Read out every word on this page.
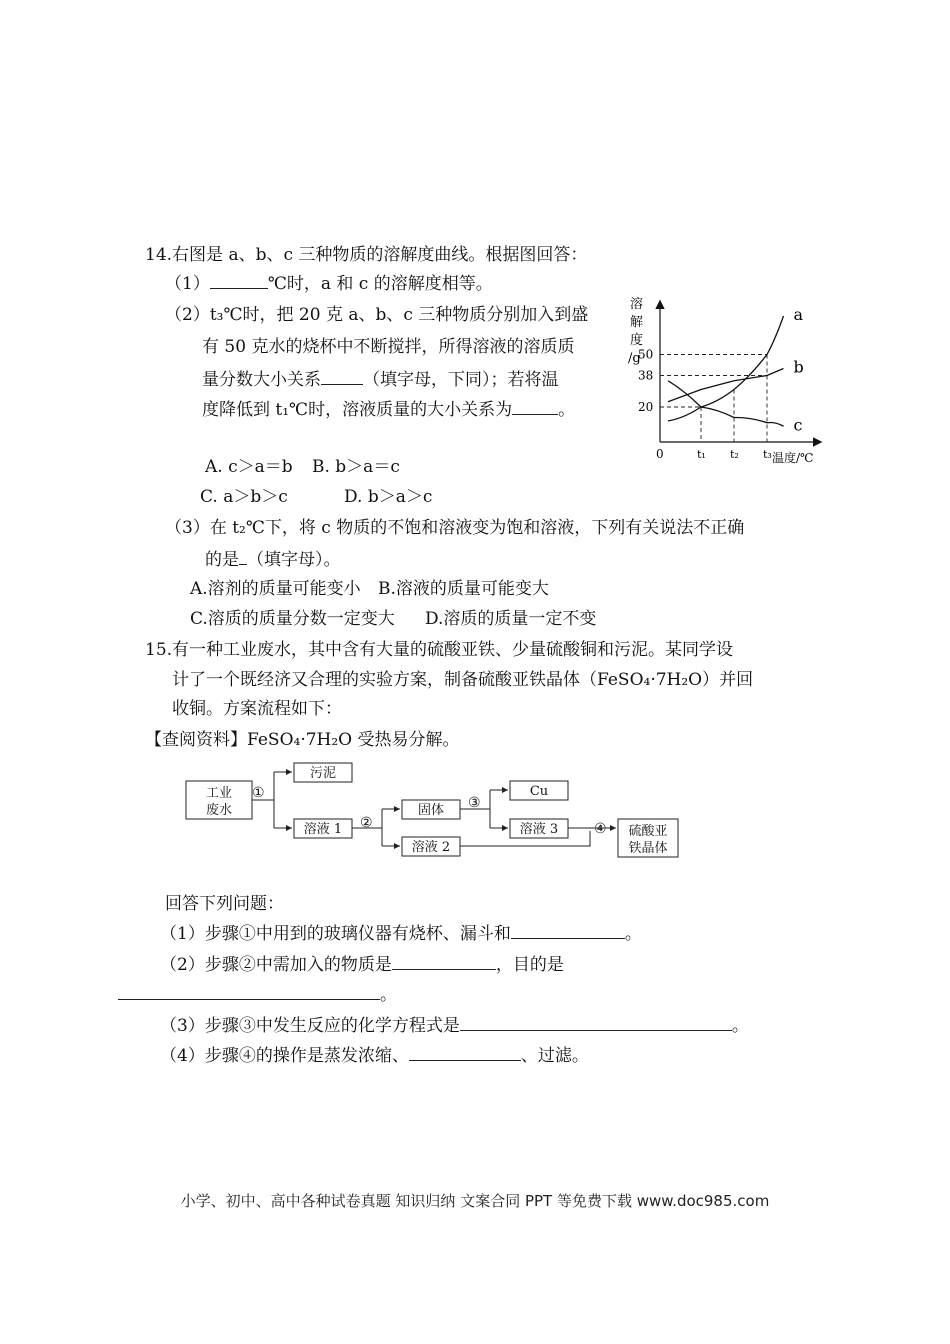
14.右图是 a、b、c 三种物质的溶解度曲线。根据图回答：
（1）	℃时，a 和 c 的溶解度相等。
（2）t₃℃时，把 20 克 a、b、c 三种物质分别加入到盛
有 50 克水的烧杯中不断搅拌，所得溶液的溶质质
量分数大小关系 （填字母，下同）；若将温
度降低到 t₁℃时，溶液质量的大小关系为	。
A. c＞a＝b B. b＞a＝c
C. a＞b＞c	D. b＞a＞c
（3）在 t₂℃下，将 c 物质的不饱和溶液变为饱和溶液，下列有关说法不正确
的是 （填字母）。
A.溶剂的质量可能变小 B.溶液的质量可能变大
C.溶质的质量分数一定变大 D.溶质的质量一定不变
溶
解
度
/g
0	温度/℃
20
38
50
t₁ t₂ t₃
a
b
c
15.有一种工业废水，其中含有大量的硫酸亚铁、少量硫酸铜和污泥。某同学设
计了一个既经济又合理的实验方案，制备硫酸亚铁晶体（FeSO₄·7H₂O）并回
收铜。方案流程如下：
【查阅资料】FeSO₄·7H₂O 受热易分解。
工业
废水
污泥
溶液 1
固体
溶液 2
Cu
溶液 3	硫酸亚
铁晶体
①
②
③
④
回答下列问题：
（1）步骤①中用到的玻璃仪器有烧杯、漏斗和	。
（2）步骤②中需加入的物质是	，目的是
。
（3）步骤③中发生反应的化学方程式是	。
（4）步骤④的操作是蒸发浓缩、	、过滤。
小学、初中、高中各种试卷真题 知识归纳 文案合同 PPT 等免费下载 www.doc985.com
